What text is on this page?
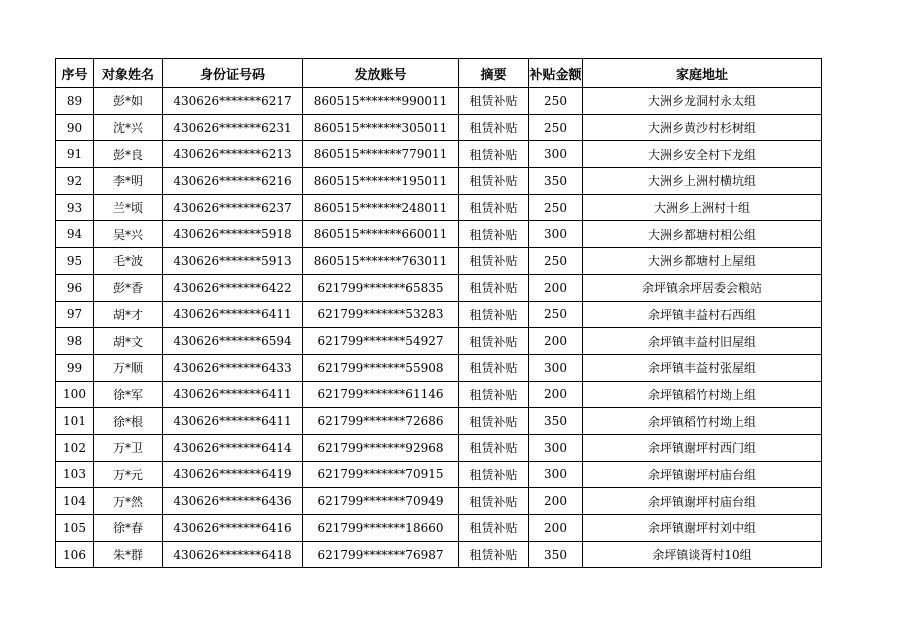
序号	对象姓名	身份证号码	发放账号	摘要	补贴金额	家庭地址
89	彭*如	430626*******6217	860515*******990011	租赁补贴	250	大洲乡龙洞村永太组
90	沈*兴	430626*******6231	860515*******305011	租赁补贴	250	大洲乡黄沙村杉树组
91	彭*良	430626*******6213	860515*******779011	租赁补贴	300	大洲乡安全村下龙组
92	李*明	430626*******6216	860515*******195011	租赁补贴	350	大洲乡上洲村横坑组
93	兰*顷	430626*******6237	860515*******248011	租赁补贴	250	大洲乡上洲村十组
94	吴*兴	430626*******5918	860515*******660011	租赁补贴	300	大洲乡都塘村相公组
95	毛*波	430626*******5913	860515*******763011	租赁补贴	250	大洲乡都塘村上屋组
96	彭*香	430626*******6422	621799*******65835	租赁补贴	200	余坪镇余坪居委会粮站
97	胡*才	430626*******6411	621799*******53283	租赁补贴	250	余坪镇丰益村石西组
98	胡*文	430626*******6594	621799*******54927	租赁补贴	200	余坪镇丰益村旧屋组
99	万*顺	430626*******6433	621799*******55908	租赁补贴	300	余坪镇丰益村张屋组
100	徐*军	430626*******6411	621799*******61146	租赁补贴	200	余坪镇稻竹村坳上组
101	徐*根	430626*******6411	621799*******72686	租赁补贴	350	余坪镇稻竹村坳上组
102	万*卫	430626*******6414	621799*******92968	租赁补贴	300	余坪镇谢坪村西门组
103	万*元	430626*******6419	621799*******70915	租赁补贴	300	余坪镇谢坪村庙台组
104	万*然	430626*******6436	621799*******70949	租赁补贴	200	余坪镇谢坪村庙台组
105	徐*春	430626*******6416	621799*******18660	租赁补贴	200	余坪镇谢坪村刘中组
106	朱*群	430626*******6418	621799*******76987	租赁补贴	350	余坪镇谈胥村10组
